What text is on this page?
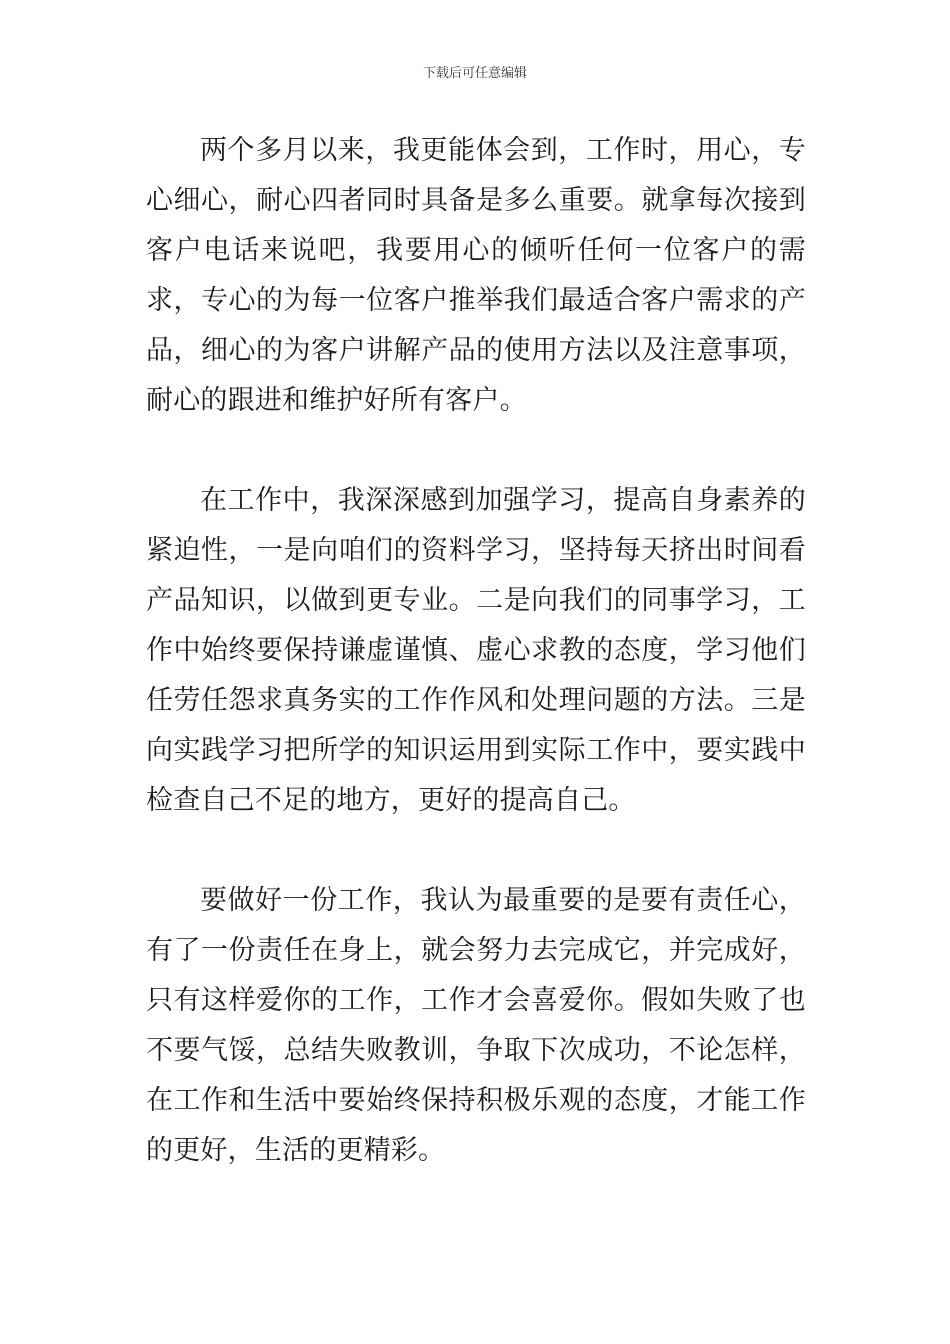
下载后可任意编辑

两个多月以来，我更能体会到，工作时，用心，专心细心，耐心四者同时具备是多么重要。就拿每次接到客户电话来说吧，我要用心的倾听任何一位客户的需求，专心的为每一位客户推举我们最适合客户需求的产品，细心的为客户讲解产品的使用方法以及注意事项，耐心的跟进和维护好所有客户。

在工作中，我深深感到加强学习，提高自身素养的紧迫性，一是向咱们的资料学习，坚持每天挤出时间看产品知识，以做到更专业。二是向我们的同事学习，工作中始终要保持谦虚谨慎、虚心求教的态度，学习他们任劳任怨求真务实的工作作风和处理问题的方法。三是向实践学习把所学的知识运用到实际工作中，要实践中检查自己不足的地方，更好的提高自己。

要做好一份工作，我认为最重要的是要有责任心，有了一份责任在身上，就会努力去完成它，并完成好，只有这样爱你的工作，工作才会喜爱你。假如失败了也不要气馁，总结失败教训，争取下次成功，不论怎样，在工作和生活中要始终保持积极乐观的态度，才能工作的更好，生活的更精彩。
